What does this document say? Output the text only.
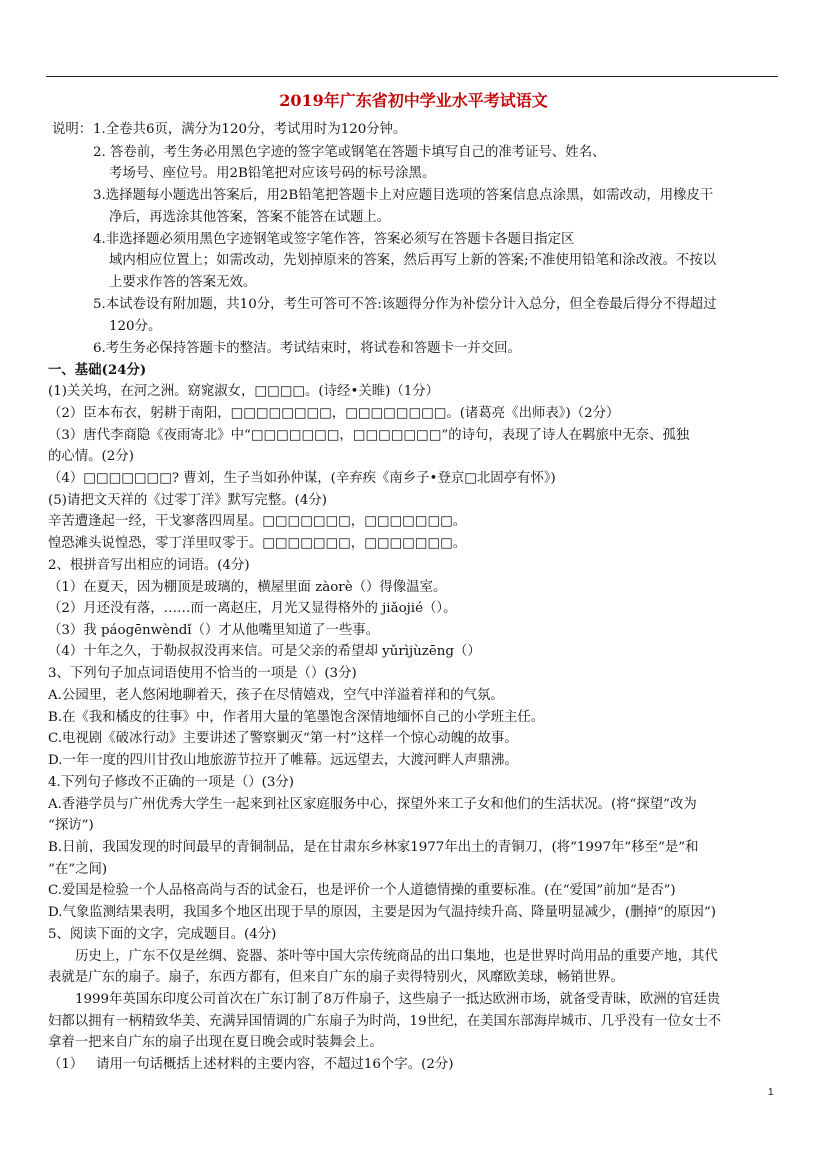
2019年广东省初中学业水平考试语文
说明： 1.全卷共6页，满分为120分，考试用时为120分钟。
2. 答卷前，考生务必用黑色字迹的签字笔或钢笔在答题卡填写自己的准考证号、姓名、
考场号、座位号。用2B铅笔把对应该号码的标号涂黑。
3.选择题每小题选出答案后，用2B铅笔把答题卡上对应题目选项的答案信息点涂黑，如需改动，用橡皮干
净后，再选涂其他答案，答案不能答在试题上。
4.非选择题必须用黑色字迹钢笔或签字笔作答，答案必须写在答题卡各题目指定区
域内相应位置上；如需改动，先划掉原来的答案，然后再写上新的答案;不准使用铅笔和涂改液。不按以
上要求作答的答案无效。
5.本试卷设有附加题，共10分，考生可答可不答:该题得分作为补偿分计入总分，但全卷最后得分不得超过
120分。
6.考生务必保持答题卡的整洁。考试结束时，将试卷和答题卡一并交回。
一、基础(24分)
(1)关关坞，在河之洲。窈窕淑女，□□□□。(诗经•关睢)（1分）
（2）臣本布衣，躬耕于南阳，□□□□□□□□，□□□□□□□□。(诸葛亮《出师表》)（2分）
（3）唐代李商隐《夜雨寄北》中“□□□□□□□，□□□□□□□”的诗句，表现了诗人在羁旅中无奈、孤独
的心情。(2分)
（4）□□□□□□□? 曹刘，生子当如孙仲谋，(辛弃疾《南乡子•登京□北固亭有怀》)
(5)请把文天祥的《过零丁洋》默写完整。(4分)
辛苦遭逢起一经，干戈寥落四周星。□□□□□□□，□□□□□□□。
惶恐滩头说惶恐，零丁洋里叹零于。□□□□□□□，□□□□□□□。
2、根拼音写出相应的词语。(4分)
（1）在夏天，因为棚顶是玻璃的，横屋里面 zàorè（）得像温室。
（2）月还没有落，……而一离赵庄，月光又显得格外的 jiǎojié（）。
（3）我 páogēnwèndǐ（）才从他嘴里知道了一些事。
（4）十年之久，于勒叔叔没再来信。可是父亲的希望却 yǔrìjùzēng（）
3、下列句子加点词语使用不恰当的一项是（）(3分)
A.公园里，老人悠闲地聊着天，孩子在尽情嬉戏，空气中洋溢着祥和的气氛。
B.在《我和橘皮的往事》中，作者用大量的笔墨饱含深情地缅怀自己的小学班主任。
C.电视剧《破冰行动》主要讲述了警察剿灭“第一村”这样一个惊心动魄的故事。
D.一年一度的四川甘孜山地旅游节拉开了帷幕。远远望去，大渡河畔人声鼎沸。
4.下列句子修改不正确的一项是（）(3分)
A.香港学员与广州优秀大学生一起来到社区家庭服务中心，探望外来工子女和他们的生活状况。(将“探望”改为
“探访”)
B.日前，我国发现的时间最早的青铜制品，是在甘肃东乡林家1977年出土的青铜刀，(将“1997年”移至“是”和
“在”之间)
C.爱国是检验一个人品格高尚与否的试金石，也是评价一个人道德情操的重要标准。(在“爱国”前加“是否”)
D.气象监测结果表明，我国多个地区出现于旱的原因，主要是因为气温持续升高、降量明显减少，(删掉“的原因”)
5、阅读下面的文字，完成题目。(4分)
历史上，广东不仅是丝绸、瓷器、茶叶等中国大宗传统商品的出口集地，也是世界时尚用品的重要产地，其代
表就是广东的扇子。扇子，东西方都有，但来自广东的扇子卖得特别火，风靡欧美球，畅销世界。
1999年英国东印度公司首次在广东订制了8万件扇子，这些扇子一抵达欧洲市场，就备受青昧，欧洲的官廷贵
妇都以拥有一柄精致华美、充满异国情调的广东扇子为时尚，19世纪，在美国东部海岸城市、几乎没有一位女士不
拿着一把来自广东的扇子出现在夏日晚会或时装舞会上。
（1）   请用一句话概括上述材料的主要内容，不超过16个字。(2分)
1
